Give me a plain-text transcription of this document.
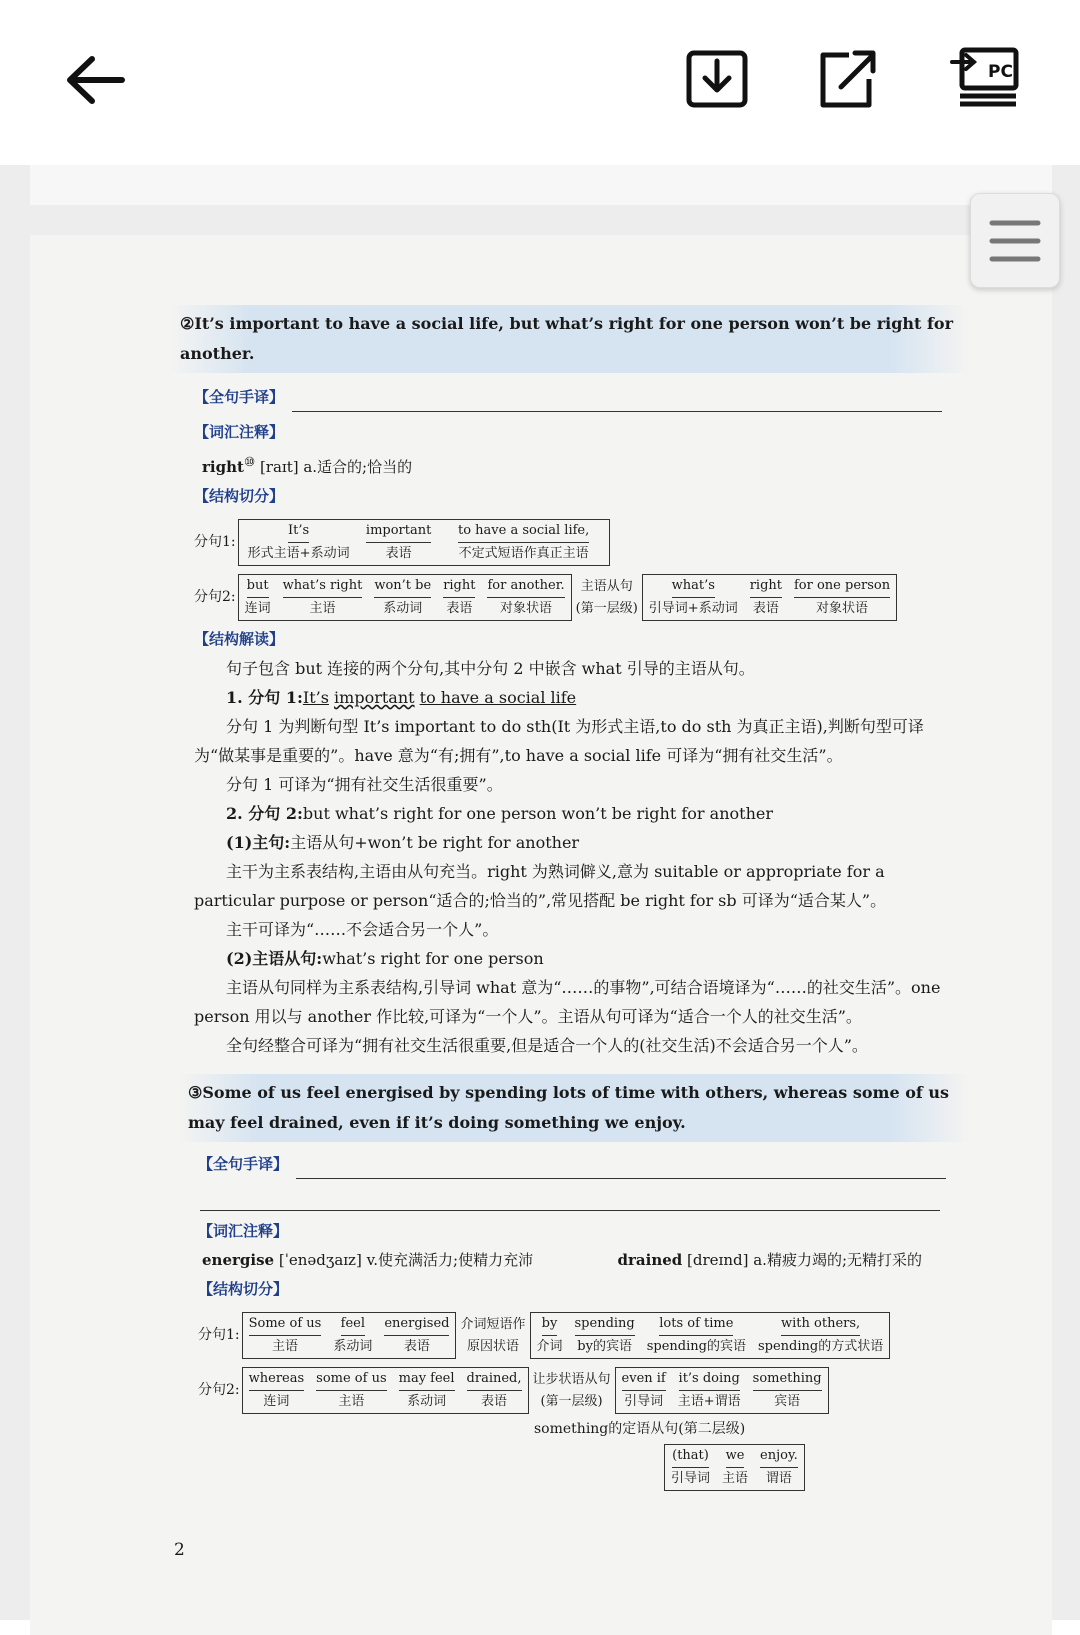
PC
②It’s important to have a social life, but what’s right for one person won’t be right for another.
【全句手译】
【词汇注释】
right⑩ [raɪt] a.适合的;恰当的
【结构切分】
分句1:
It’s
形式主语+系动词
important
表语
to have a social life,
不定式短语作真正主语
分句2:
but
连词
what’s right
主语
won’t be
系动词
right
表语
for another.
对象状语
主语从句
(第一层级)
what’s
引导词+系动词
right
表语
for one person
对象状语
【结构解读】
句子包含 but 连接的两个分句,其中分句 2 中嵌含 what 引导的主语从句。
1. 分句 1:It’s important to have a social life
分句 1 为判断句型 It’s important to do sth(It 为形式主语,to do sth 为真正主语),判断句型可译为“做某事是重要的”。have 意为“有;拥有”,to have a social life 可译为“拥有社交生活”。
分句 1 可译为“拥有社交生活很重要”。
2. 分句 2:but what’s right for one person won’t be right for another
(1)主句:主语从句+won’t be right for another
主干为主系表结构,主语由从句充当。right 为熟词僻义,意为 suitable or appropriate for a particular purpose or person“适合的;恰当的”,常见搭配 be right for sb 可译为“适合某人”。
主干可译为“……不会适合另一个人”。
(2)主语从句:what’s right for one person
主语从句同样为主系表结构,引导词 what 意为“……的事物”,可结合语境译为“……的社交生活”。one person 用以与 another 作比较,可译为“一个人”。主语从句可译为“适合一个人的社交生活”。
全句经整合可译为“拥有社交生活很重要,但是适合一个人的(社交生活)不会适合另一个人”。
③Some of us feel energised by spending lots of time with others, whereas some of us may feel drained, even if it’s doing something we enjoy.
【全句手译】
【词汇注释】
energise [ˈenədʒaɪz] v.使充满活力;使精力充沛	drained [dreɪnd] a.精疲力竭的;无精打采的
【结构切分】
分句1:
Some of us
主语
feel
系动词
energised
表语
介词短语作
原因状语
by
介词
spending
by的宾语
lots of time
spending的宾语
with others,
spending的方式状语
分句2:
whereas
连词
some of us
主语
may feel
系动词
drained,
表语
让步状语从句
(第一层级)
even if
引导词
it’s doing
主语+谓语
something
宾语
something的定语从句(第二层级)
(that)
引导词
we
主语
enjoy.
谓语
2
